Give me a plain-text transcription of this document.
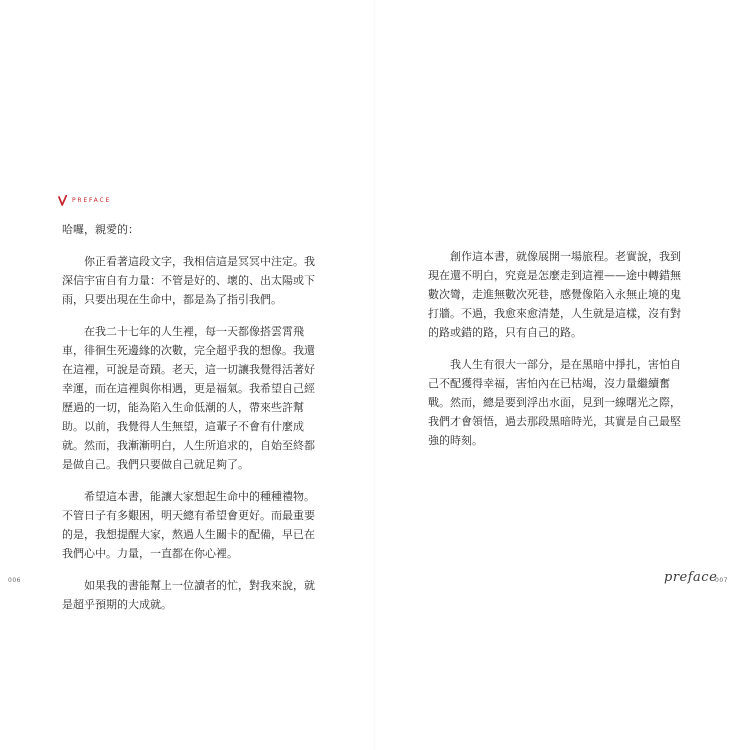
PREFACE

哈囉，親愛的：

你正看著這段文字，我相信這是冥冥中注定。我深信宇宙自有力量：不管是好的、壞的、出太陽或下雨，只要出現在生命中，都是為了指引我們。

在我二十七年的人生裡，每一天都像搭雲霄飛車，徘徊生死邊緣的次數，完全超乎我的想像。我還在這裡，可說是奇蹟。老天，這一切讓我覺得活著好幸運，而在這裡與你相遇，更是福氣。我希望自己經歷過的一切，能為陷入生命低潮的人，帶來些許幫助。以前，我覺得人生無望，這輩子不會有什麼成就。然而，我漸漸明白，人生所追求的，自始至終都是做自己。我們只要做自己就足夠了。

希望這本書，能讓大家想起生命中的種種禮物。不管日子有多艱困，明天總有希望會更好。而最重要的是，我想提醒大家，熬過人生關卡的配備，早已在我們心中。力量，一直都在你心裡。

如果我的書能幫上一位讀者的忙，對我來說，就是超乎預期的大成就。

006

創作這本書，就像展開一場旅程。老實說，我到現在還不明白，究竟是怎麼走到這裡——途中轉錯無數次彎，走進無數次死巷，感覺像陷入永無止境的鬼打牆。不過，我愈來愈清楚，人生就是這樣，沒有對的路或錯的路，只有自己的路。

我人生有很大一部分，是在黑暗中掙扎，害怕自己不配獲得幸福，害怕內在已枯竭，沒力量繼續奮戰。然而，總是要到浮出水面，見到一線曙光之際，我們才會領悟，過去那段黑暗時光，其實是自己最堅強的時刻。

preface
007
